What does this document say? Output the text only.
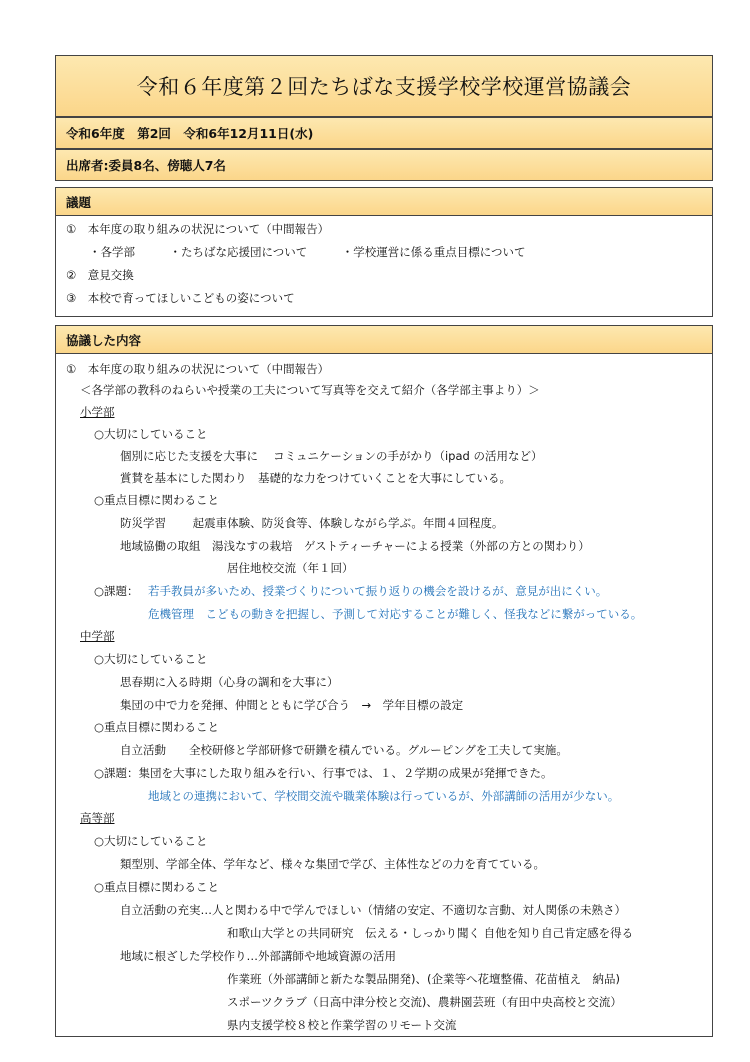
令和６年度第２回たちばな支援学校学校運営協議会
令和6年度　第2回　令和6年12月11日(水)
出席者:委員8名、傍聴人7名
議題
①　本年度の取り組みの状況について（中間報告）
・各学部　　　・たちばな応援団について　　　・学校運営に係る重点目標について
②　意見交換
③　本校で育ってほしいこどもの姿について
協議した内容
①　本年度の取り組みの状況について（中間報告）
＜各学部の教科のねらいや授業の工夫について写真等を交えて紹介（各学部主事より）＞
小学部
○大切にしていること
個別に応じた支援を大事に　 コミュニケーションの手がかり（ipad の活用など）
賞賛を基本にした関わり　基礎的な力をつけていくことを大事にしている。
○重点目標に関わること
防災学習　　 起震車体験、防災食等、体験しながら学ぶ。年間４回程度。
地域協働の取組　湯浅なすの栽培　ゲストティーチャーによる授業（外部の方との関わり）
居住地校交流（年１回）
○課題： 若手教員が多いため、授業づくりについて振り返りの機会を設けるが、意見が出にくい。
危機管理　こどもの動きを把握し、予測して対応することが難しく、怪我などに繋がっている。
中学部
○大切にしていること
思春期に入る時期（心身の調和を大事に）
集団の中で力を発揮、仲間とともに学び合う　→　学年目標の設定
○重点目標に関わること
自立活動　　全校研修と学部研修で研鑽を積んでいる。グルーピングを工夫して実施。
○課題：集団を大事にした取り組みを行い、行事では、１、２学期の成果が発揮できた。
地域との連携において、学校間交流や職業体験は行っているが、外部講師の活用が少ない。
高等部
○大切にしていること
類型別、学部全体、学年など、様々な集団で学び、主体性などの力を育てている。
○重点目標に関わること
自立活動の充実…人と関わる中で学んでほしい（情緒の安定、不適切な言動、対人関係の未熟さ）
和歌山大学との共同研究　伝える・しっかり聞く 自他を知り自己肯定感を得る
地域に根ざした学校作り…外部講師や地域資源の活用
作業班（外部講師と新たな製品開発)、(企業等へ花壇整備、花苗植え　納品)
スポーツクラブ（日高中津分校と交流)、農耕園芸班（有田中央高校と交流）
県内支援学校８校と作業学習のリモート交流
